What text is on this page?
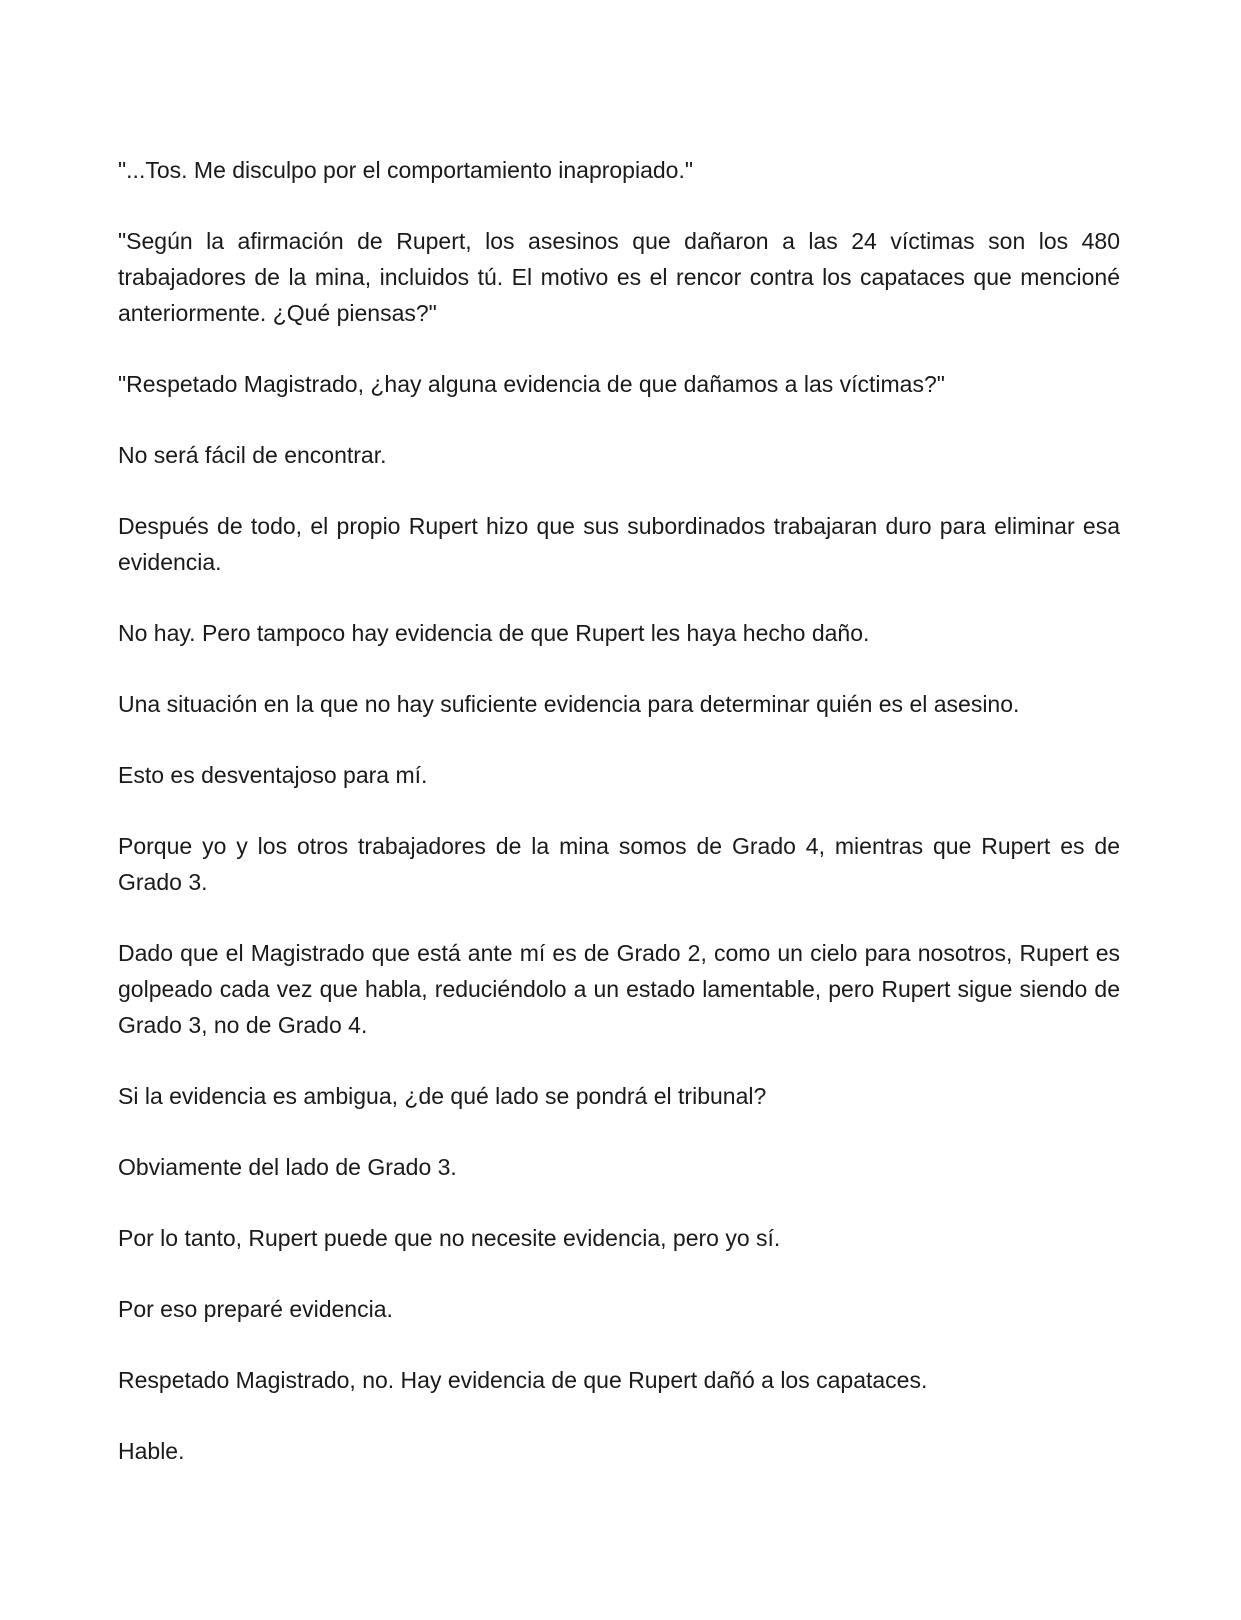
"...Tos. Me disculpo por el comportamiento inapropiado."

"Según la afirmación de Rupert, los asesinos que dañaron a las 24 víctimas son los 480 trabajadores de la mina, incluidos tú. El motivo es el rencor contra los capataces que mencioné anteriormente. ¿Qué piensas?"

"Respetado Magistrado, ¿hay alguna evidencia de que dañamos a las víctimas?"

No será fácil de encontrar.

Después de todo, el propio Rupert hizo que sus subordinados trabajaran duro para eliminar esa evidencia.

No hay. Pero tampoco hay evidencia de que Rupert les haya hecho daño.

Una situación en la que no hay suficiente evidencia para determinar quién es el asesino.

Esto es desventajoso para mí.

Porque yo y los otros trabajadores de la mina somos de Grado 4, mientras que Rupert es de Grado 3.

Dado que el Magistrado que está ante mí es de Grado 2, como un cielo para nosotros, Rupert es golpeado cada vez que habla, reduciéndolo a un estado lamentable, pero Rupert sigue siendo de Grado 3, no de Grado 4.

Si la evidencia es ambigua, ¿de qué lado se pondrá el tribunal?

Obviamente del lado de Grado 3.

Por lo tanto, Rupert puede que no necesite evidencia, pero yo sí.

Por eso preparé evidencia.

Respetado Magistrado, no. Hay evidencia de que Rupert dañó a los capataces.

Hable.
